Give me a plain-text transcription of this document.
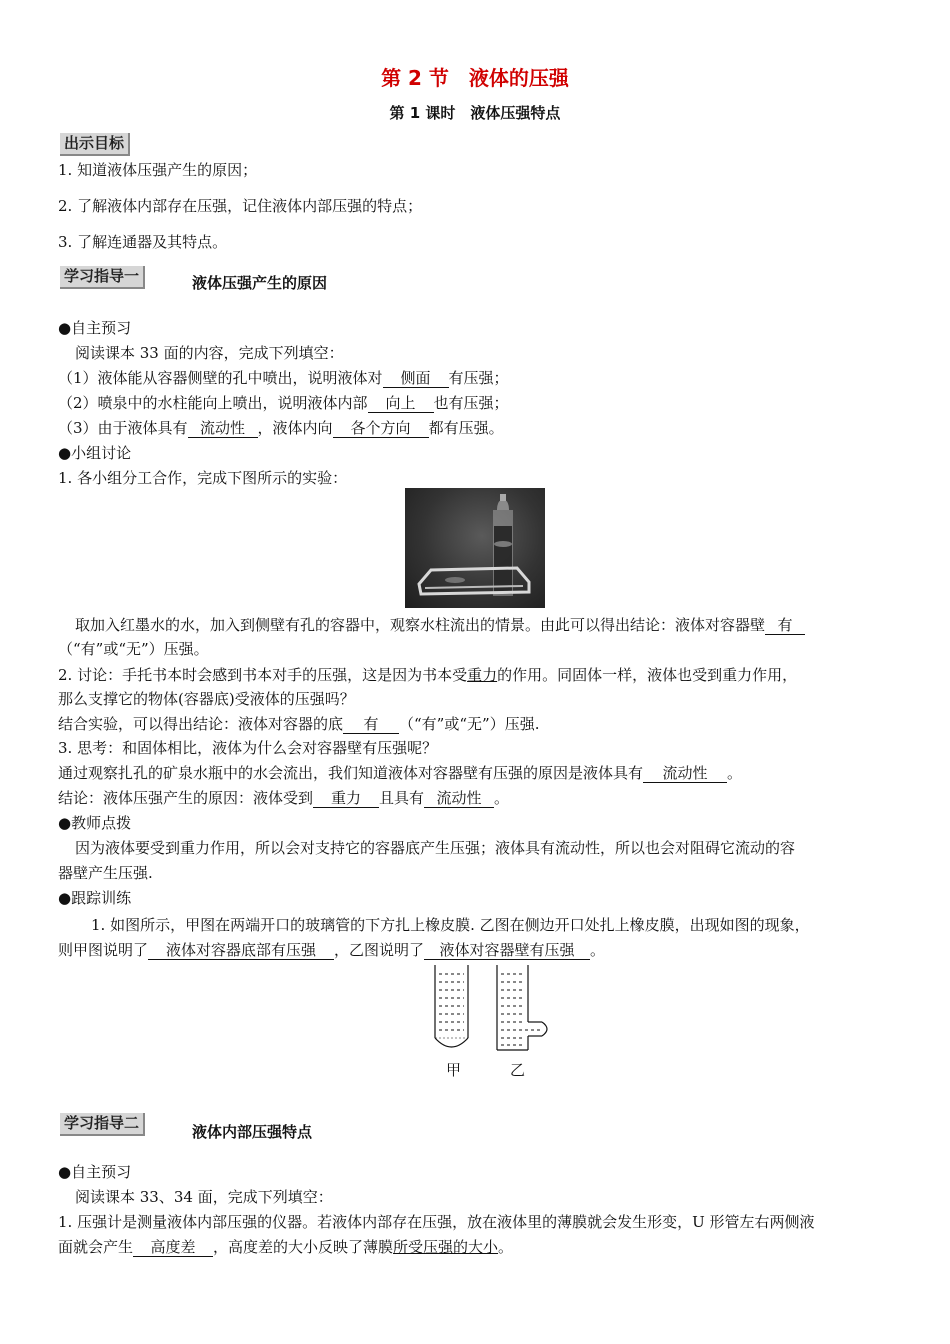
第 2 节　液体的压强
第 1 课时　液体压强特点
出示目标
1. 知道液体压强产生的原因；
2. 了解液体内部存在压强，记住液体内部压强的特点；
3. 了解连通器及其特点。
学习指导一	液体压强产生的原因
●自主预习
阅读课本 33 面的内容，完成下列填空：
（1）液体能从容器侧壁的孔中喷出，说明液体对 侧面 有压强；
（2）喷泉中的水柱能向上喷出，说明液体内部 向上 也有压强；
（3）由于液体具有 流动性 ，液体内向 各个方向 都有压强。
●小组讨论
1. 各小组分工合作，完成下图所示的实验：
取加入红墨水的水，加入到侧壁有孔的容器中，观察水柱流出的情景。由此可以得出结论：液体对容器壁 有
（“有”或“无”）压强。
2. 讨论：手托书本时会感到书本对手的压强，这是因为书本受重力的作用。同固体一样，液体也受到重力作用，
那么支撑它的物体(容器底)受液体的压强吗？
结合实验，可以得出结论：液体对容器的底 有 （“有”或“无”）压强.
3. 思考：和固体相比，液体为什么会对容器壁有压强呢？
通过观察扎孔的矿泉水瓶中的水会流出，我们知道液体对容器壁有压强的原因是液体具有 流动性 。
结论：液体压强产生的原因：液体受到 重力 且具有 流动性 。
●教师点拨
因为液体要受到重力作用，所以会对支持它的容器底产生压强；液体具有流动性，所以也会对阻碍它流动的容
器壁产生压强.
●跟踪训练
1. 如图所示，甲图在两端开口的玻璃管的下方扎上橡皮膜. 乙图在侧边开口处扎上橡皮膜，出现如图的现象，
则甲图说明了 液体对容器底部有压强 ，乙图说明了 液体对容器壁有压强 。
甲	乙
学习指导二	液体内部压强特点
●自主预习
阅读课本 33、34 面，完成下列填空：
1. 压强计是测量液体内部压强的仪器。若液体内部存在压强，放在液体里的薄膜就会发生形变，U 形管左右两侧液
面就会产生 高度差 ，高度差的大小反映了薄膜所受压强的大小。
